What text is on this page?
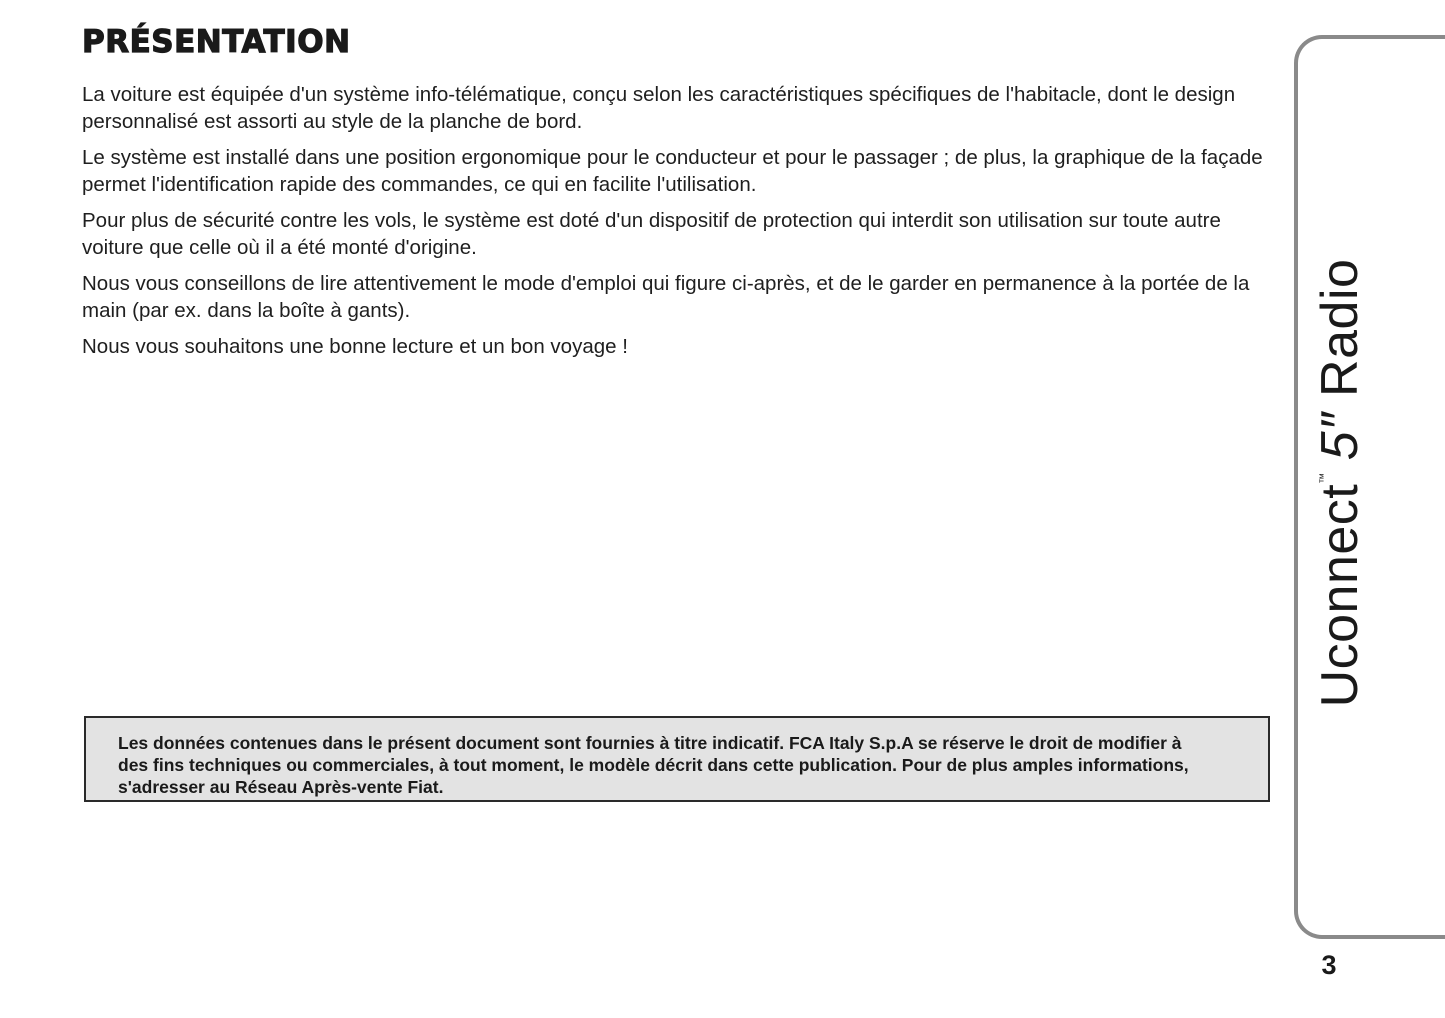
PRÉSENTATION

La voiture est équipée d'un système info-télématique, conçu selon les caractéristiques spécifiques de l'habitacle, dont le design personnalisé est assorti au style de la planche de bord.

Le système est installé dans une position ergonomique pour le conducteur et pour le passager ; de plus, la graphique de la façade permet l'identification rapide des commandes, ce qui en facilite l'utilisation.

Pour plus de sécurité contre les vols, le système est doté d'un dispositif de protection qui interdit son utilisation sur toute autre voiture que celle où il a été monté d'origine.

Nous vous conseillons de lire attentivement le mode d'emploi qui figure ci-après, et de le garder en permanence à la portée de la main (par ex. dans la boîte à gants).

Nous vous souhaitons une bonne lecture et un bon voyage !

Les données contenues dans le présent document sont fournies à titre indicatif. FCA Italy S.p.A se réserve le droit de modifier à des fins techniques ou commerciales, à tout moment, le modèle décrit dans cette publication. Pour de plus amples informations, s'adresser au Réseau Après-vente Fiat.

Uconnect™5″ Radio
3
